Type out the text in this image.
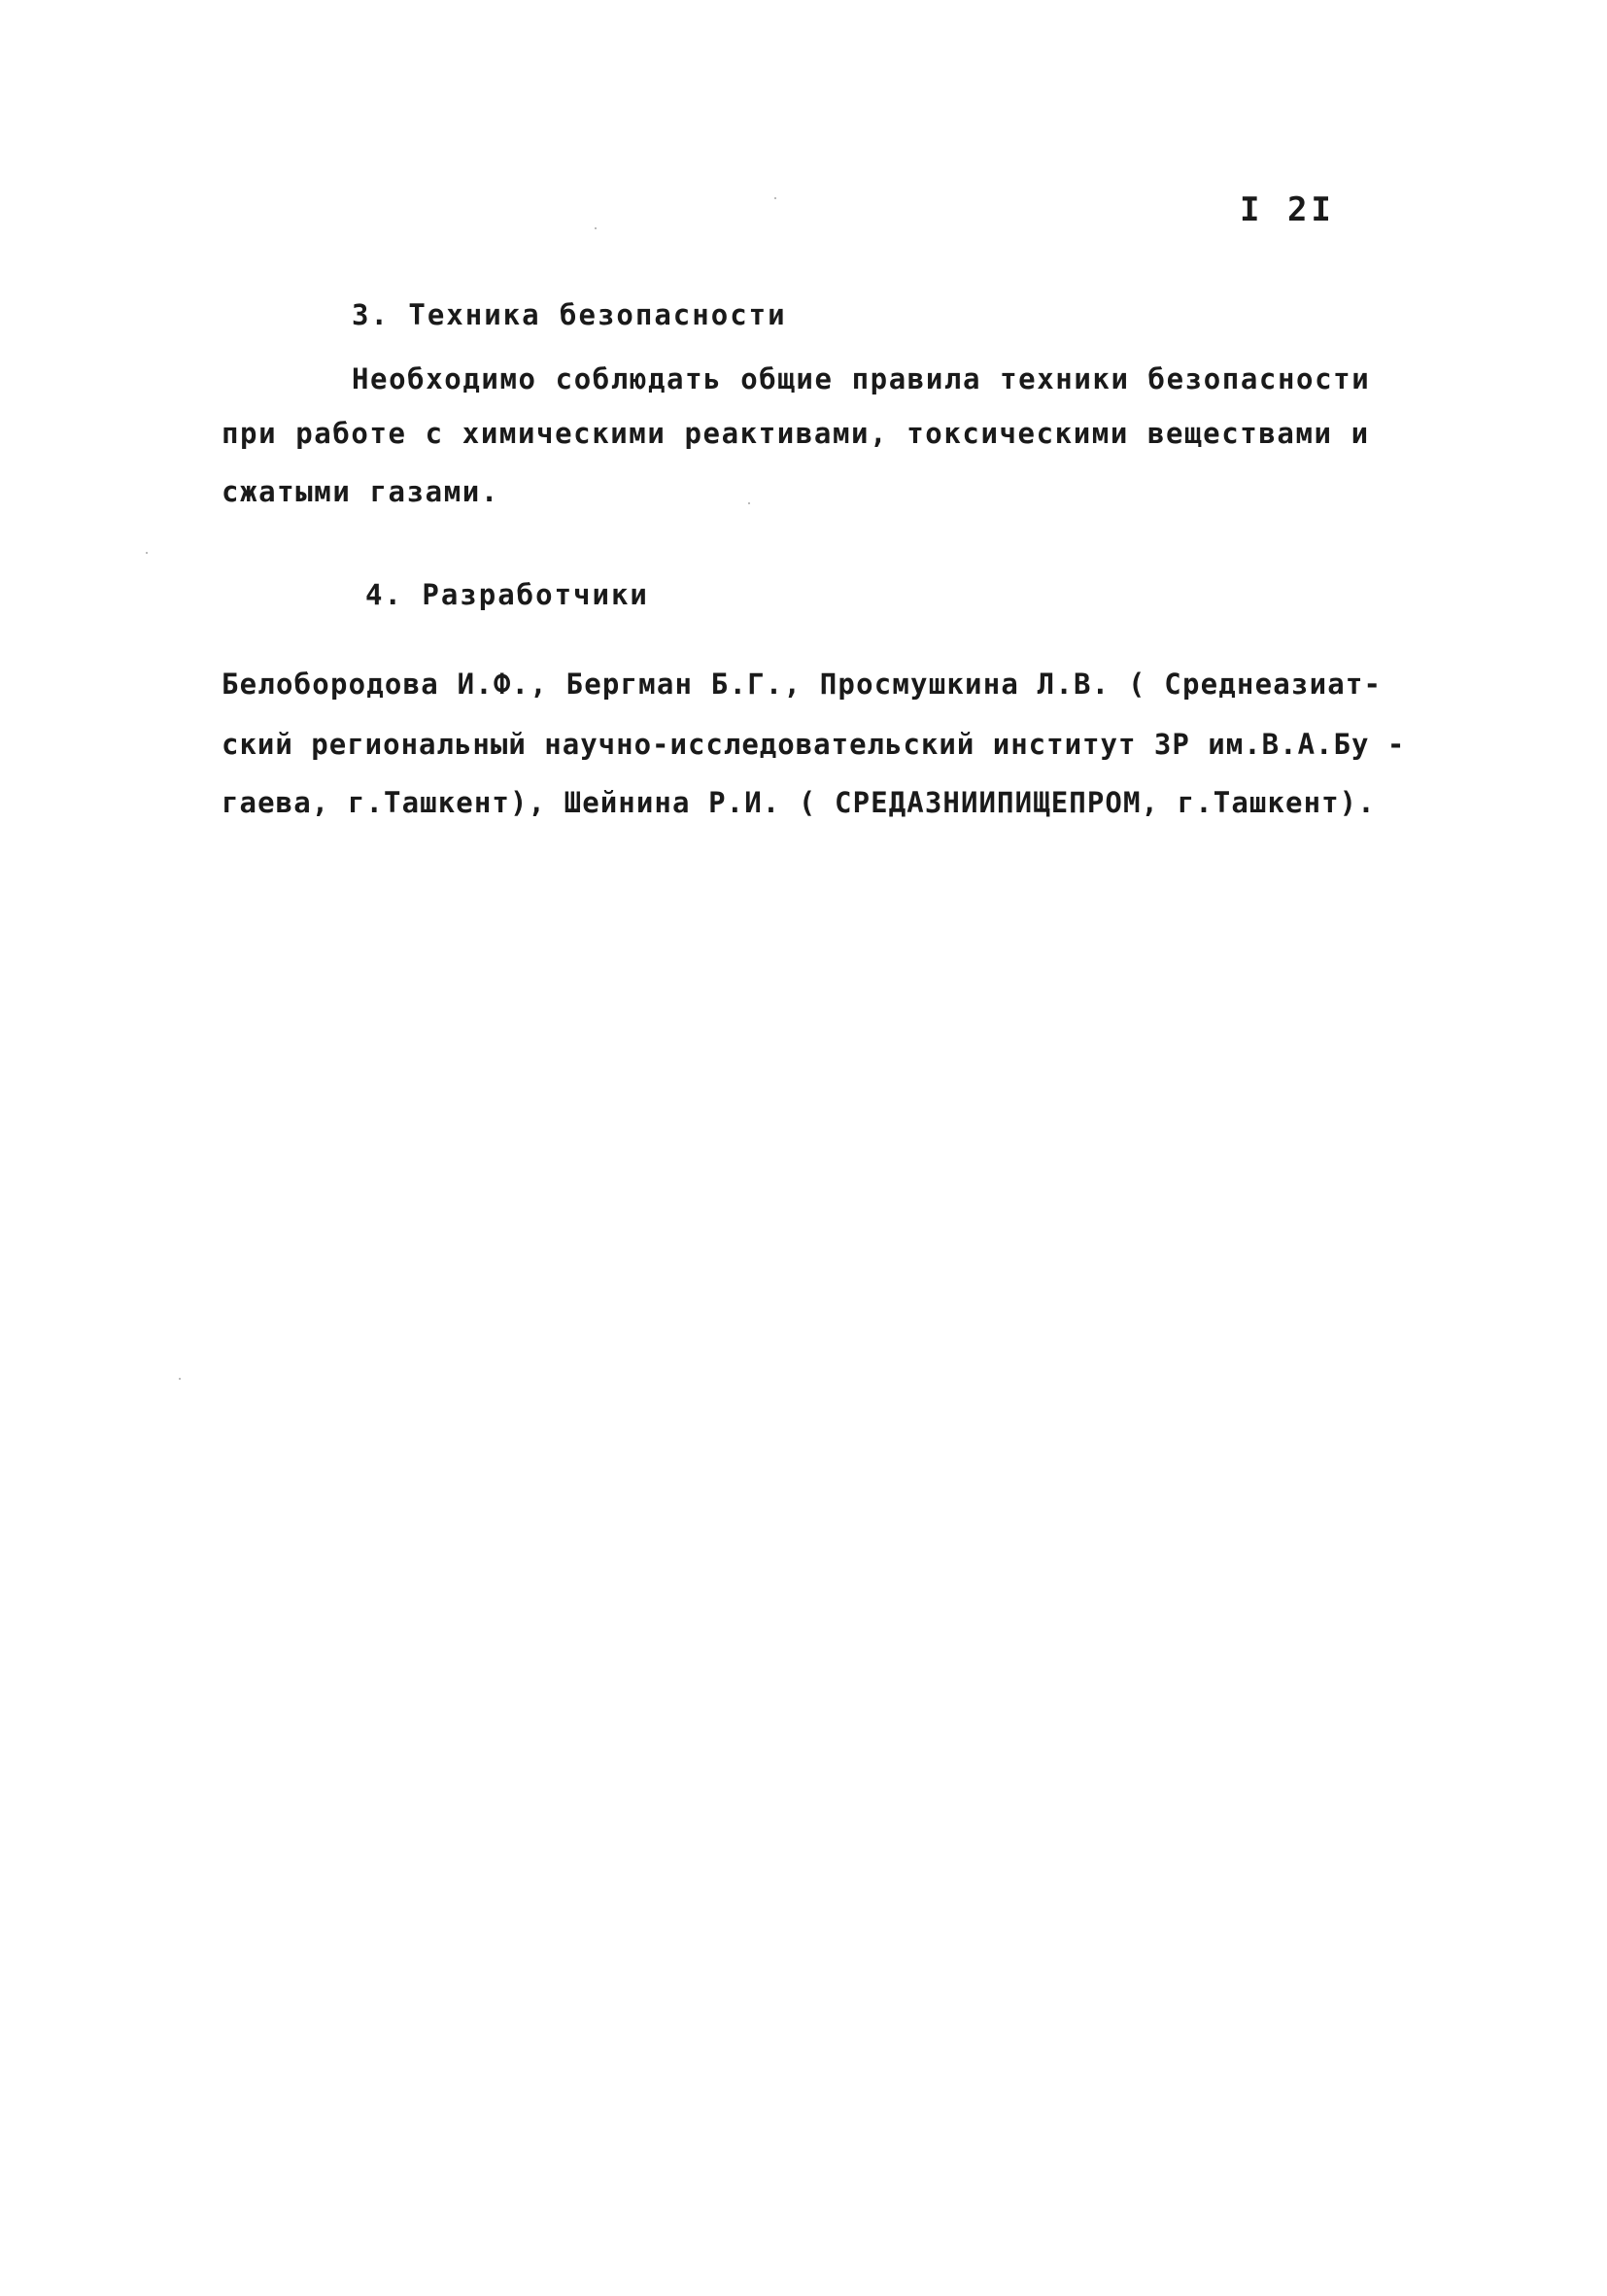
I 2I
3. Техника безопасности
Необходимо соблюдать общие правила техники безопасности
при работе с химическими реактивами, токсическими веществами и
сжатыми газами.
4. Разработчики
Белобородова И.Ф., Бергман Б.Г., Просмушкина Л.В. ( Среднеазиат-
ский региональный научно-исследовательский институт ЗР им.В.А.Бу -
гаева, г.Ташкент), Шейнина Р.И. ( СРЕДАЗНИИПИЩЕПРОМ, г.Ташкент).
